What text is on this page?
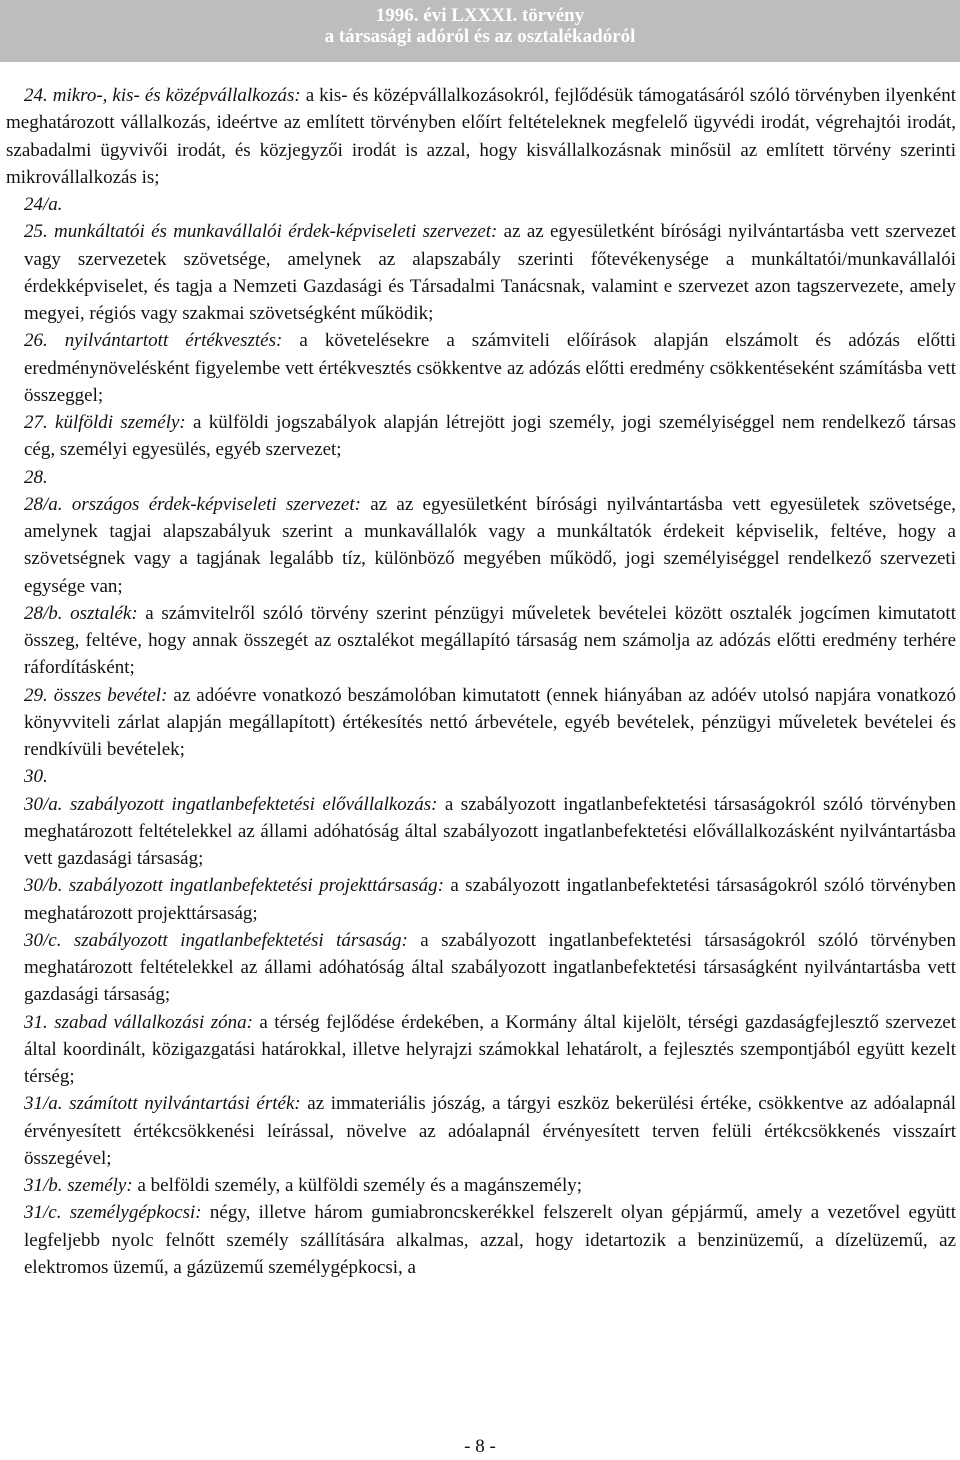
1996. évi LXXXI. törvény
a társasági adóról és az osztalékadóról

24. mikro-, kis- és középvállalkozás: a kis- és középvállalkozásokról, fejlődésük támogatásáról szóló törvényben ilyenként meghatározott vállalkozás, ideértve az említett törvényben előírt feltételeknek megfelelő ügyvédi irodát, végrehajtói irodát, szabadalmi ügyvivői irodát, és közjegyzői irodát is azzal, hogy kisvállalkozásnak minősül az említett törvény szerinti mikrovállalkozás is;

24/a.

25. munkáltatói és munkavállalói érdek-képviseleti szervezet: az az egyesületként bírósági nyilvántartásba vett szervezet vagy szervezetek szövetsége, amelynek az alapszabály szerinti főtevékenysége a munkáltatói/munkavállalói érdekképviselet, és tagja a Nemzeti Gazdasági és Társadalmi Tanácsnak, valamint e szervezet azon tagszervezete, amely megyei, régiós vagy szakmai szövetségként működik;

26. nyilvántartott értékvesztés: a követelésekre a számviteli előírások alapján elszámolt és adózás előtti eredménynövelésként figyelembe vett értékvesztés csökkentve az adózás előtti eredmény csökkentéseként számításba vett összeggel;

27. külföldi személy: a külföldi jogszabályok alapján létrejött jogi személy, jogi személyiséggel nem rendelkező társas cég, személyi egyesülés, egyéb szervezet;

28.

28/a. országos érdek-képviseleti szervezet: az az egyesületként bírósági nyilvántartásba vett egyesületek szövetsége, amelynek tagjai alapszabályuk szerint a munkavállalók vagy a munkáltatók érdekeit képviselik, feltéve, hogy a szövetségnek vagy a tagjának legalább tíz, különböző megyében működő, jogi személyiséggel rendelkező szervezeti egysége van;

28/b. osztalék: a számvitelről szóló törvény szerint pénzügyi műveletek bevételei között osztalék jogcímen kimutatott összeg, feltéve, hogy annak összegét az osztalékot megállapító társaság nem számolja az adózás előtti eredmény terhére ráfordításként;

29. összes bevétel: az adóévre vonatkozó beszámolóban kimutatott (ennek hiányában az adóév utolsó napjára vonatkozó könyvviteli zárlat alapján megállapított) értékesítés nettó árbevétele, egyéb bevételek, pénzügyi műveletek bevételei és rendkívüli bevételek;

30.

30/a. szabályozott ingatlanbefektetési elővállalkozás: a szabályozott ingatlanbefektetési társaságokról szóló törvényben meghatározott feltételekkel az állami adóhatóság által szabályozott ingatlanbefektetési elővállalkozásként nyilvántartásba vett gazdasági társaság;

30/b. szabályozott ingatlanbefektetési projekttársaság: a szabályozott ingatlanbefektetési társaságokról szóló törvényben meghatározott projekttársaság;

30/c. szabályozott ingatlanbefektetési társaság: a szabályozott ingatlanbefektetési társaságokról szóló törvényben meghatározott feltételekkel az állami adóhatóság által szabályozott ingatlanbefektetési társaságként nyilvántartásba vett gazdasági társaság;

31. szabad vállalkozási zóna: a térség fejlődése érdekében, a Kormány által kijelölt, térségi gazdaságfejlesztő szervezet által koordinált, közigazgatási határokkal, illetve helyrajzi számokkal lehatárolt, a fejlesztés szempontjából együtt kezelt térség;

31/a. számított nyilvántartási érték: az immateriális jószág, a tárgyi eszköz bekerülési értéke, csökkentve az adóalapnál érvényesített értékcsökkenési leírással, növelve az adóalapnál érvényesített terven felüli értékcsökkenés visszaírt összegével;

31/b. személy: a belföldi személy, a külföldi személy és a magánszemély;

31/c. személygépkocsi: négy, illetve három gumiabroncskerékkel felszerelt olyan gépjármű, amely a vezetővel együtt legfeljebb nyolc felnőtt személy szállítására alkalmas, azzal, hogy idetartozik a benzinüzemű, a dízelüzemű, az elektromos üzemű, a gázüzemű személygépkocsi, a

- 8 -
